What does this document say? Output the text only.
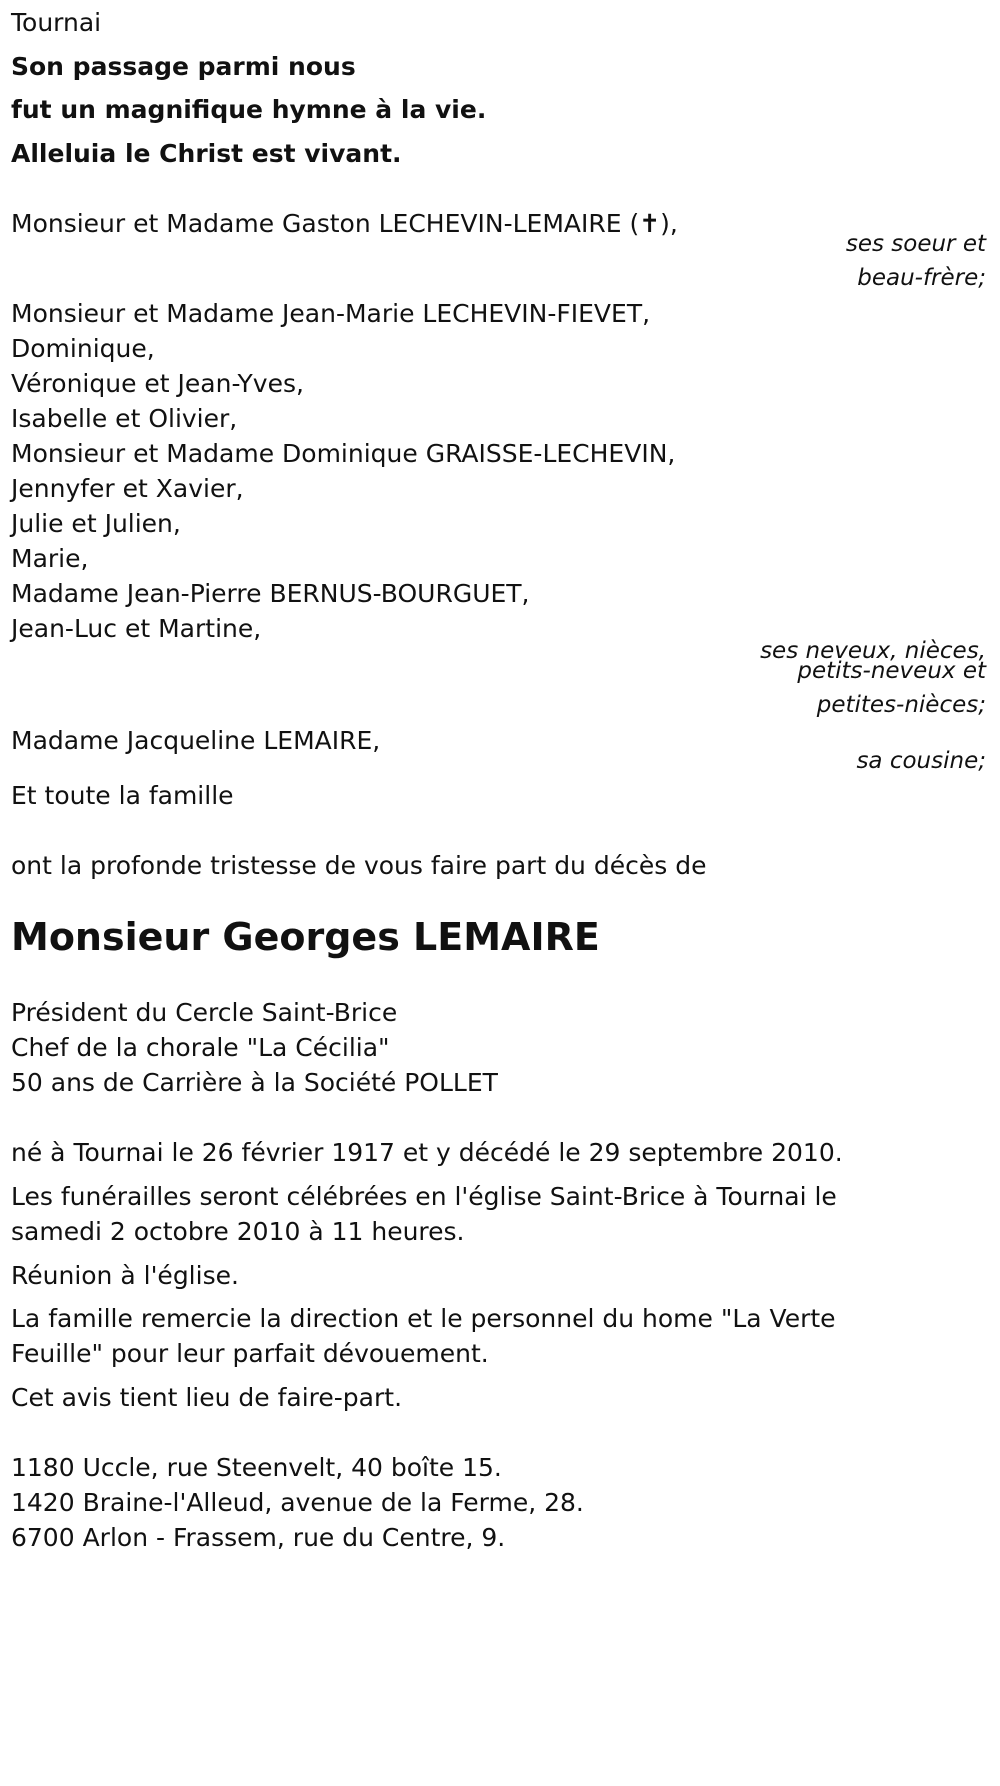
Tournai

Son passage parmi nous

fut un magnifique hymne à la vie.

Alleluia le Christ est vivant.

Monsieur et Madame Gaston LECHEVIN-LEMAIRE (✝),

ses soeur et

beau-frère;

Monsieur et Madame Jean-Marie LECHEVIN-FIEVET,

Dominique,

Véronique et Jean-Yves,

Isabelle et Olivier,

Monsieur et Madame Dominique GRAISSE-LECHEVIN,

Jennyfer et Xavier,

Julie et Julien,

Marie,

Madame Jean-Pierre BERNUS-BOURGUET,

Jean-Luc et Martine,

ses neveux, nièces,

petits-neveux et

petites-nièces;

Madame Jacqueline LEMAIRE,

sa cousine;

Et toute la famille

ont la profonde tristesse de vous faire part du décès de

Monsieur Georges LEMAIRE

Président du Cercle Saint-Brice

Chef de la chorale "La Cécilia"

50 ans de Carrière à la Société POLLET

né à Tournai le 26 février 1917 et y décédé le 29 septembre 2010.

Les funérailles seront célébrées en l'église Saint-Brice à Tournai le

samedi 2 octobre 2010 à 11 heures.

Réunion à l'église.

La famille remercie la direction et le personnel du home "La Verte

Feuille" pour leur parfait dévouement.

Cet avis tient lieu de faire-part.

1180 Uccle, rue Steenvelt, 40 boîte 15.

1420 Braine-l'Alleud, avenue de la Ferme, 28.

6700 Arlon - Frassem, rue du Centre, 9.
